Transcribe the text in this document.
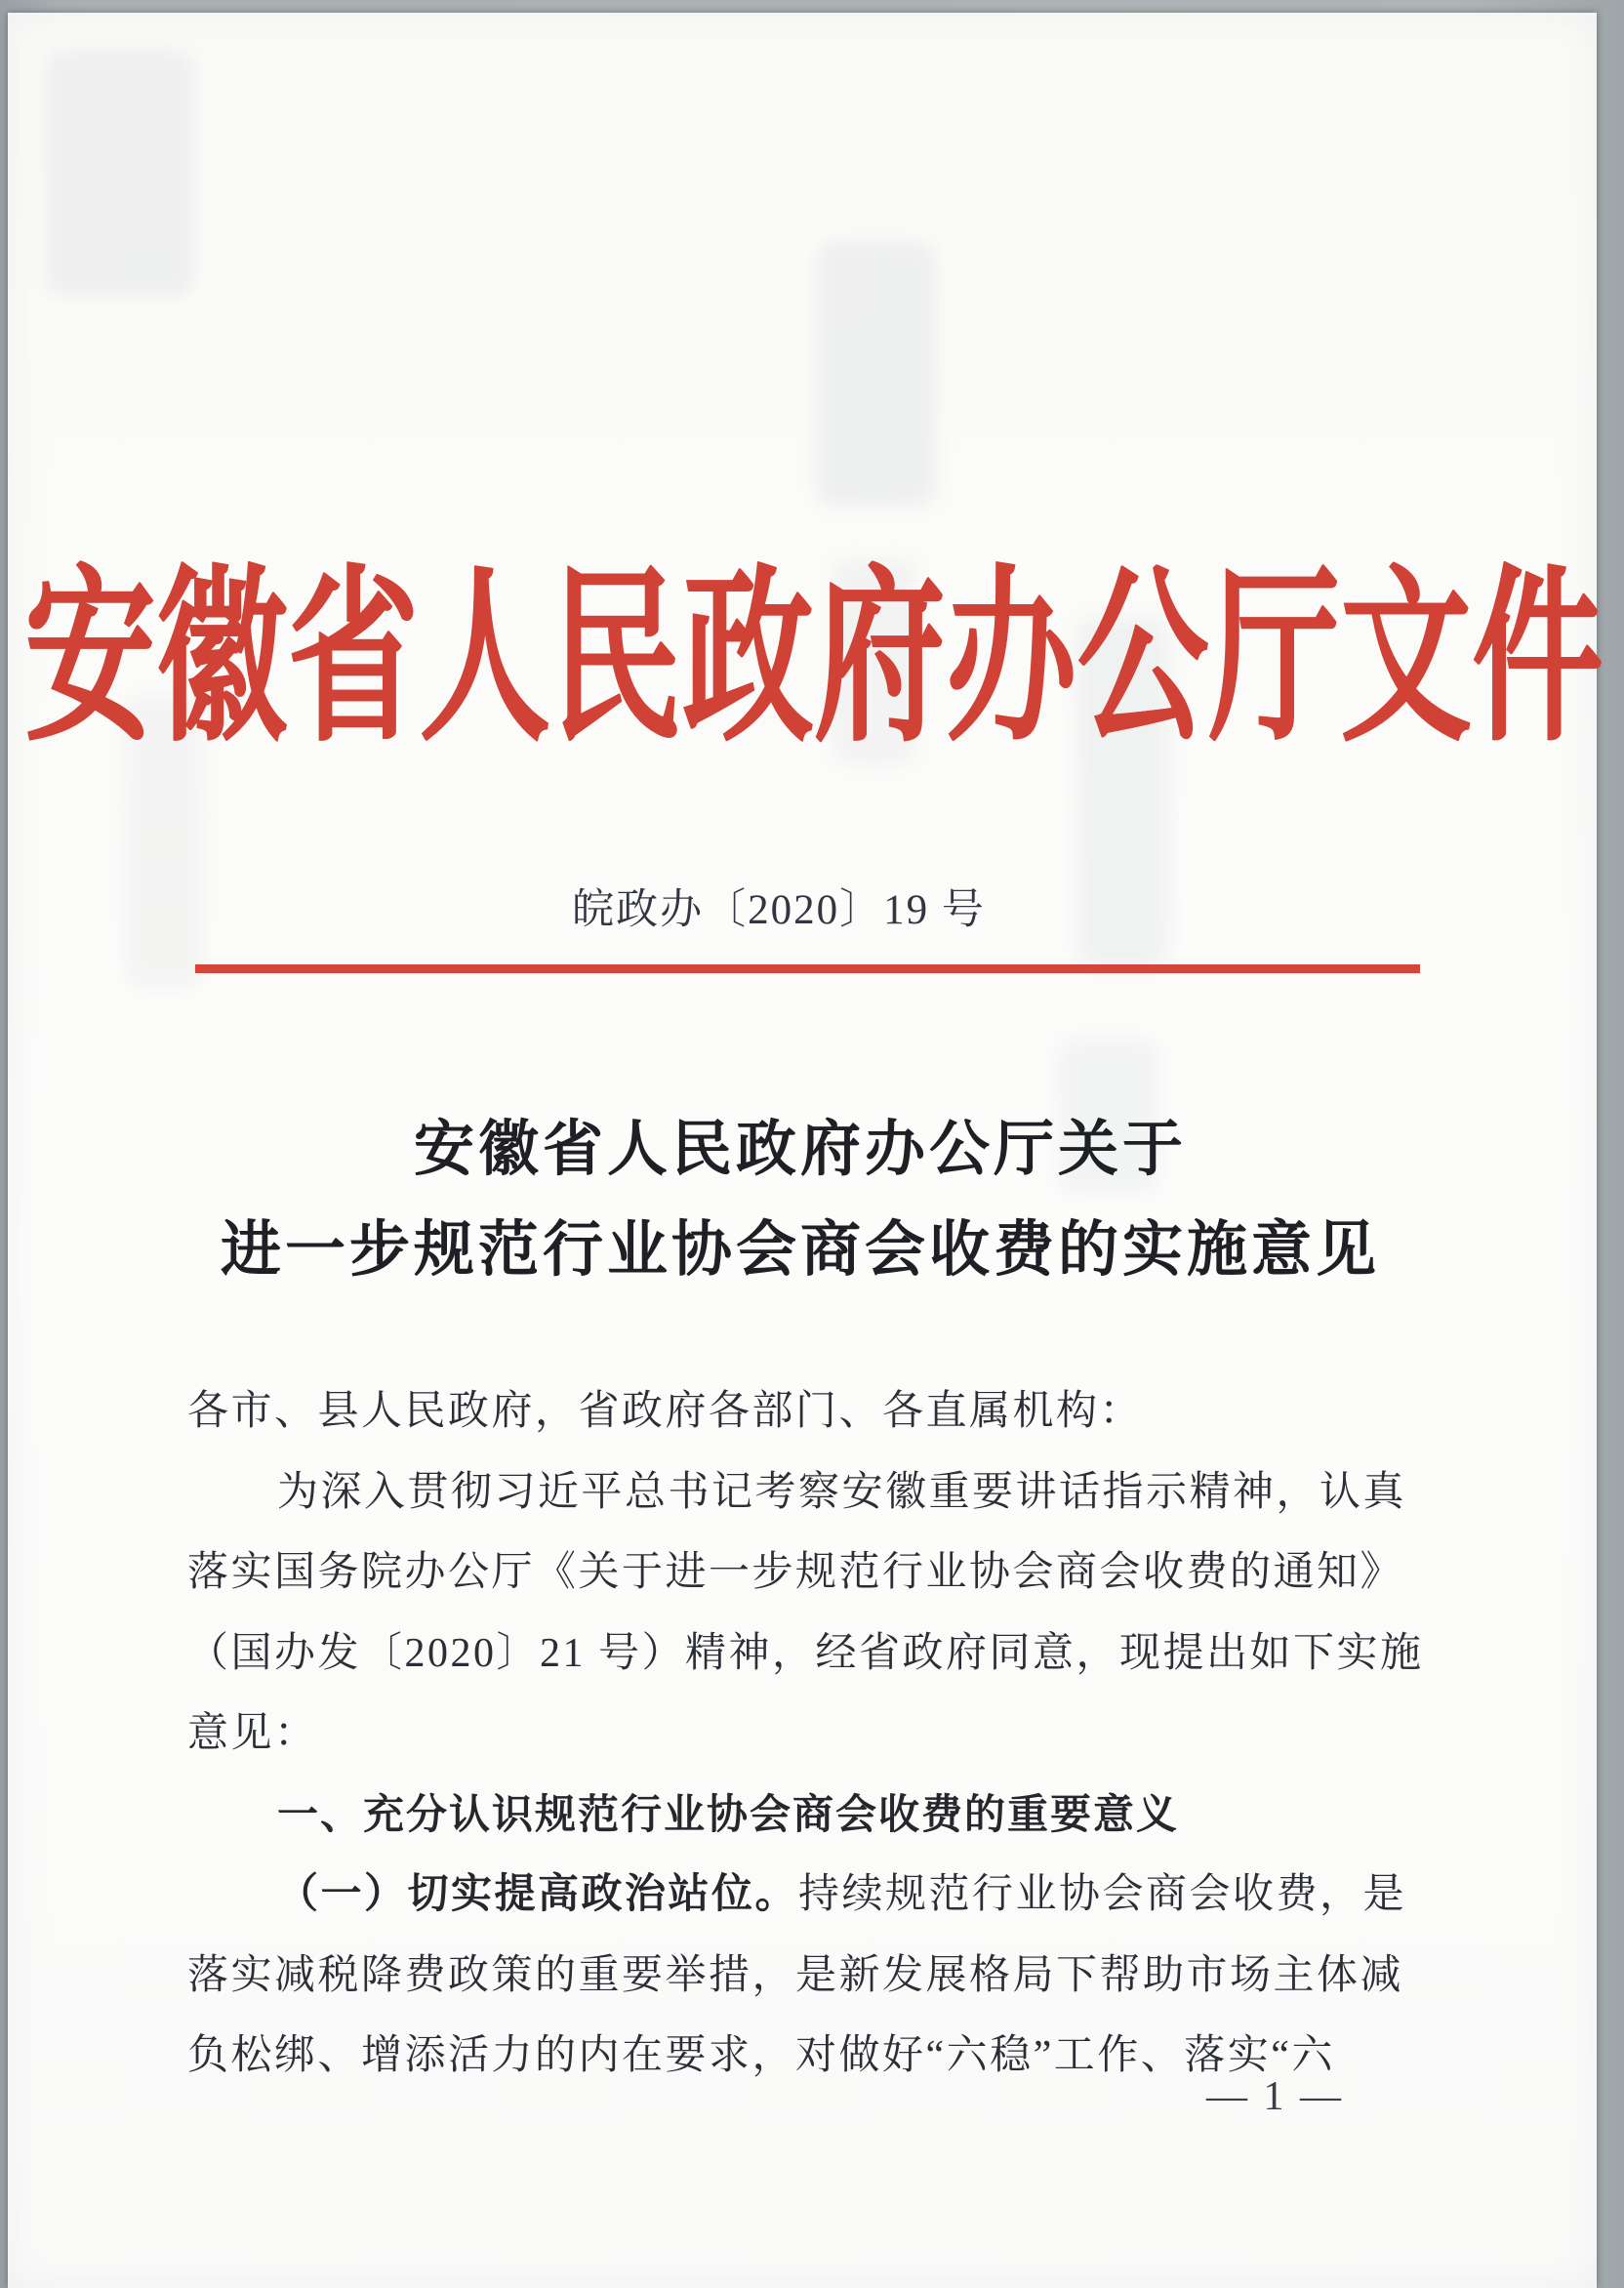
安徽省人民政府办公厅文件
皖政办〔2020〕19 号
安徽省人民政府办公厅关于
进一步规范行业协会商会收费的实施意见
各市、县人民政府，省政府各部门、各直属机构：
为深入贯彻习近平总书记考察安徽重要讲话指示精神，认真
落实国务院办公厅《关于进一步规范行业协会商会收费的通知》
（国办发〔2020〕21 号）精神，经省政府同意，现提出如下实施
意见：
一、充分认识规范行业协会商会收费的重要意义
（一）切实提高政治站位。持续规范行业协会商会收费，是
落实减税降费政策的重要举措，是新发展格局下帮助市场主体减
负松绑、增添活力的内在要求，对做好“六稳”工作、落实“六
— 1 —
